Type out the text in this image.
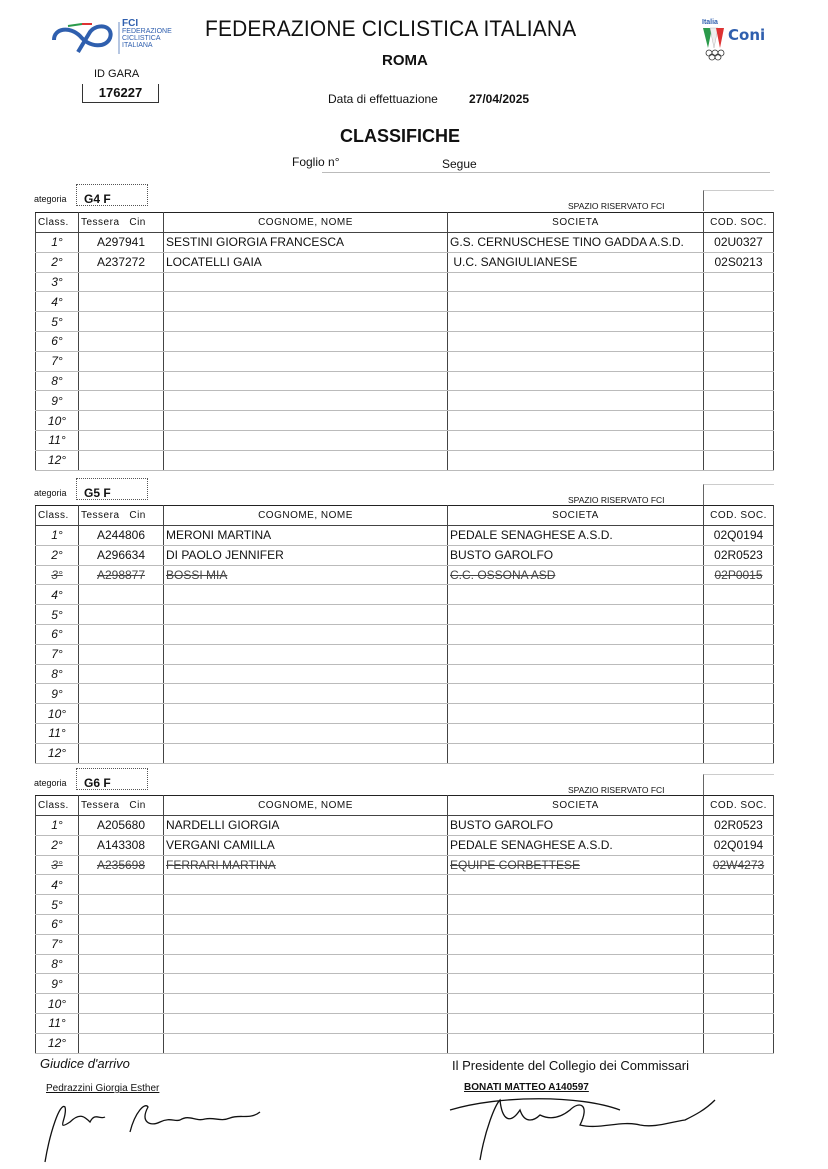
FCI
FEDERAZIONE
CICLISTICA
ITALIANA
FEDERAZIONE CICLISTICA ITALIANA
ROMA
Italia
Coni
ID GARA
176227	Data di effettuazione	27/04/2025
CLASSIFICHE
Foglio n°	Segue
ategoria	G4 F	SPAZIO RISERVATO FCI
Class.	Tessera Cin	COGNOME, NOME	SOCIETA	COD. SOC.
1°	A297941	SESTINI GIORGIA FRANCESCA	G.S. CERNUSCHESE TINO GADDA A.S.D.	02U0327
2°	A237272	LOCATELLI GAIA	U.C. SANGIULIANESE	02S0213
3°				
4°				
5°				
6°				
7°				
8°				
9°				
10°				
11°				
12°				
ategoria	G5 F	SPAZIO RISERVATO FCI
Class.	Tessera Cin	COGNOME, NOME	SOCIETA	COD. SOC.
1°	A244806	MERONI MARTINA	PEDALE SENAGHESE A.S.D.	02Q0194
2°	A296634	DI PAOLO JENNIFER	BUSTO GAROLFO	02R0523
3°	A298877	BOSSI MIA	C.C. OSSONA ASD	02P0015
4°				
5°				
6°				
7°				
8°				
9°				
10°				
11°				
12°				
ategoria	G6 F	SPAZIO RISERVATO FCI
Class.	Tessera Cin	COGNOME, NOME	SOCIETA	COD. SOC.
1°	A205680	NARDELLI GIORGIA	BUSTO GAROLFO	02R0523
2°	A143308	VERGANI CAMILLA	PEDALE SENAGHESE A.S.D.	02Q0194
3°	A235698	FERRARI MARTINA	EQUIPE CORBETTESE	02W4273
4°				
5°				
6°				
7°				
8°				
9°				
10°				
11°				
12°				
Giudice d'arrivo
Pedrazzini Giorgia Esther
Il Presidente del Collegio dei Commissari
BONATI MATTEO A140597
